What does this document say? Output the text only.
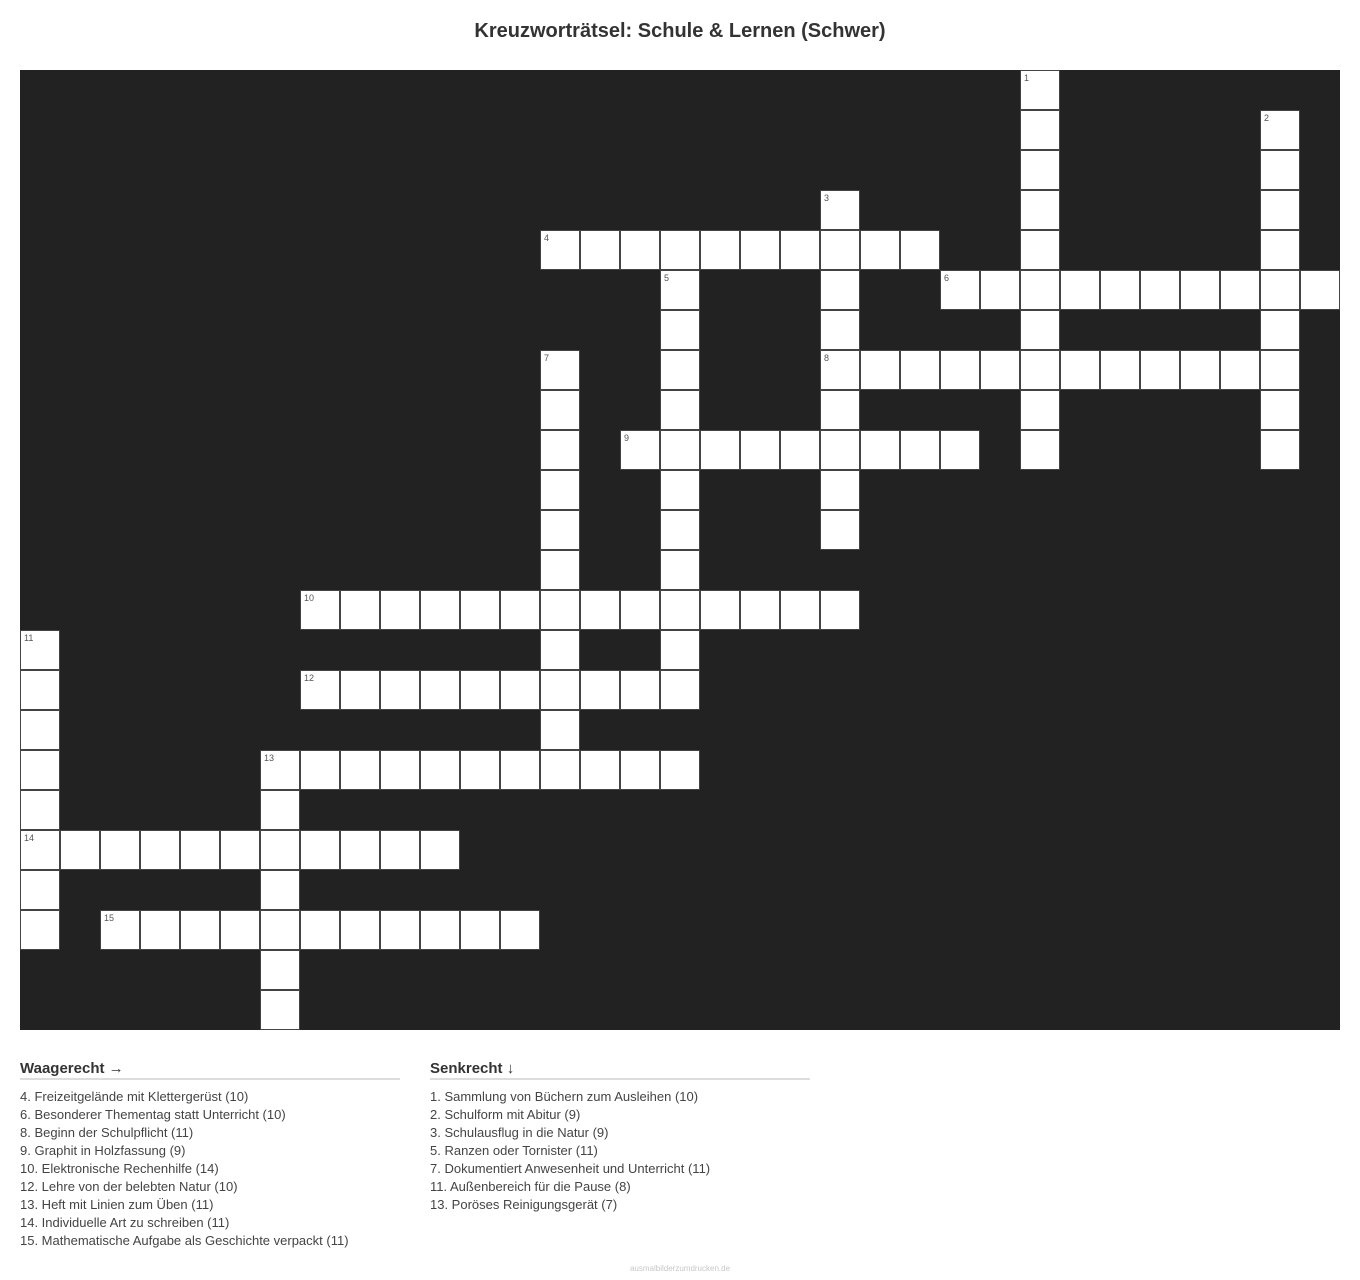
Kreuzworträtsel: Schule & Lernen (Schwer)
1
2
3
8
4
5	6
7
9
10
11
14
12
13
15
Waagerecht →
4. Freizeitgelände mit Klettergerüst (10)
6. Besonderer Thementag statt Unterricht (10)
8. Beginn der Schulpflicht (11)
9. Graphit in Holzfassung (9)
10. Elektronische Rechenhilfe (14)
12. Lehre von der belebten Natur (10)
13. Heft mit Linien zum Üben (11)
14. Individuelle Art zu schreiben (11)
15. Mathematische Aufgabe als Geschichte verpackt (11)
Senkrecht ↓
1. Sammlung von Büchern zum Ausleihen (10)
2. Schulform mit Abitur (9)
3. Schulausflug in die Natur (9)
5. Ranzen oder Tornister (11)
7. Dokumentiert Anwesenheit und Unterricht (11)
11. Außenbereich für die Pause (8)
13. Poröses Reinigungsgerät (7)
ausmalbilderzumdrucken.de
